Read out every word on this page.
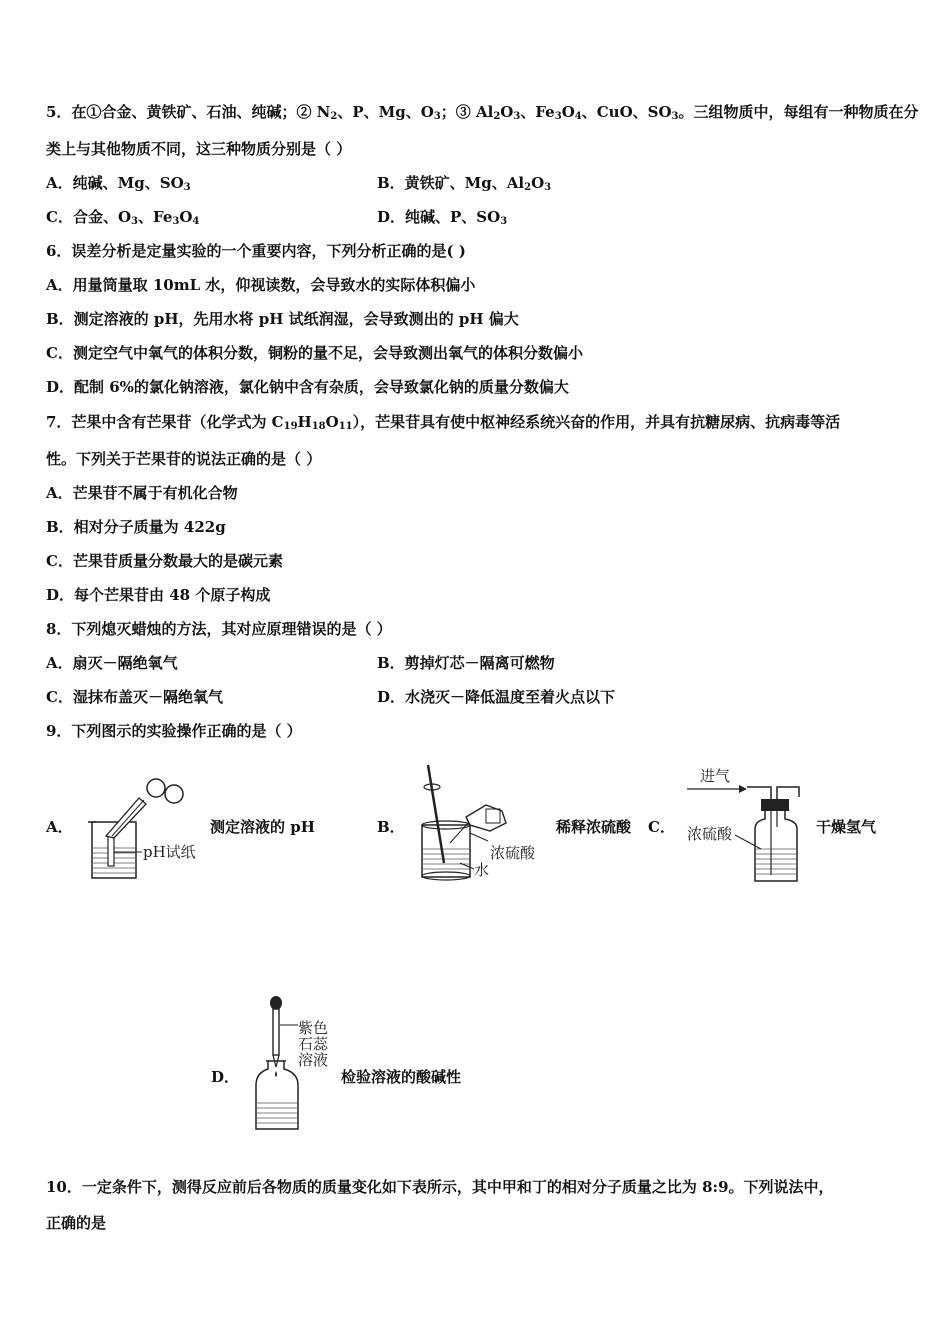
5．在①合金、黄铁矿、石油、纯碱；② $N_2$、P、Mg、$O_3$；③ $Al_2O_3$、$Fe_3O_4$、CuO、$SO_3$。三组物质中，每组有一种物质在分
类上与其他物质不同，这三种物质分别是（ ）
A．纯碱、Mg、$SO_3$	B．黄铁矿、Mg、$Al_2O_3$
C．合金、$O_3$、$Fe_3O_4$	D．纯碱、P、$SO_3$
6．误差分析是定量实验的一个重要内容，下列分析正确的是( )
A．用量筒量取 10mL 水，仰视读数，会导致水的实际体积偏小
B．测定溶液的 pH，先用水将 pH 试纸润湿，会导致测出的 pH 偏大
C．测定空气中氧气的体积分数，铜粉的量不足，会导致测出氧气的体积分数偏小
D．配制 6%的氯化钠溶液，氯化钠中含有杂质，会导致氯化钠的质量分数偏大
7．芒果中含有芒果苷（化学式为 $C_{19}H_{18}O_{11}$），芒果苷具有使中枢神经系统兴奋的作用，并具有抗糖尿病、抗病毒等活
性。下列关于芒果苷的说法正确的是（ ）
A．芒果苷不属于有机化合物
B．相对分子质量为 422g
C．芒果苷质量分数最大的是碳元素
D．每个芒果苷由 48 个原子构成
8．下列熄灭蜡烛的方法，其对应原理错误的是（ ）
A．扇灭－隔绝氧气	B．剪掉灯芯－隔离可燃物
C．湿抹布盖灭－隔绝氧气	D．水浇灭－降低温度至着火点以下
9．下列图示的实验操作正确的是（ ）
A．
pH试纸
测定溶液的 pH	B．
浓硫酸
水
稀释浓硫酸 C．
进气
浓硫酸	干燥氢气
D．
紫色
石蕊
溶液
检验溶液的酸碱性
10．一定条件下，测得反应前后各物质的质量变化如下表所示，其中甲和丁的相对分子质量之比为 8:9。下列说法中，
正确的是
